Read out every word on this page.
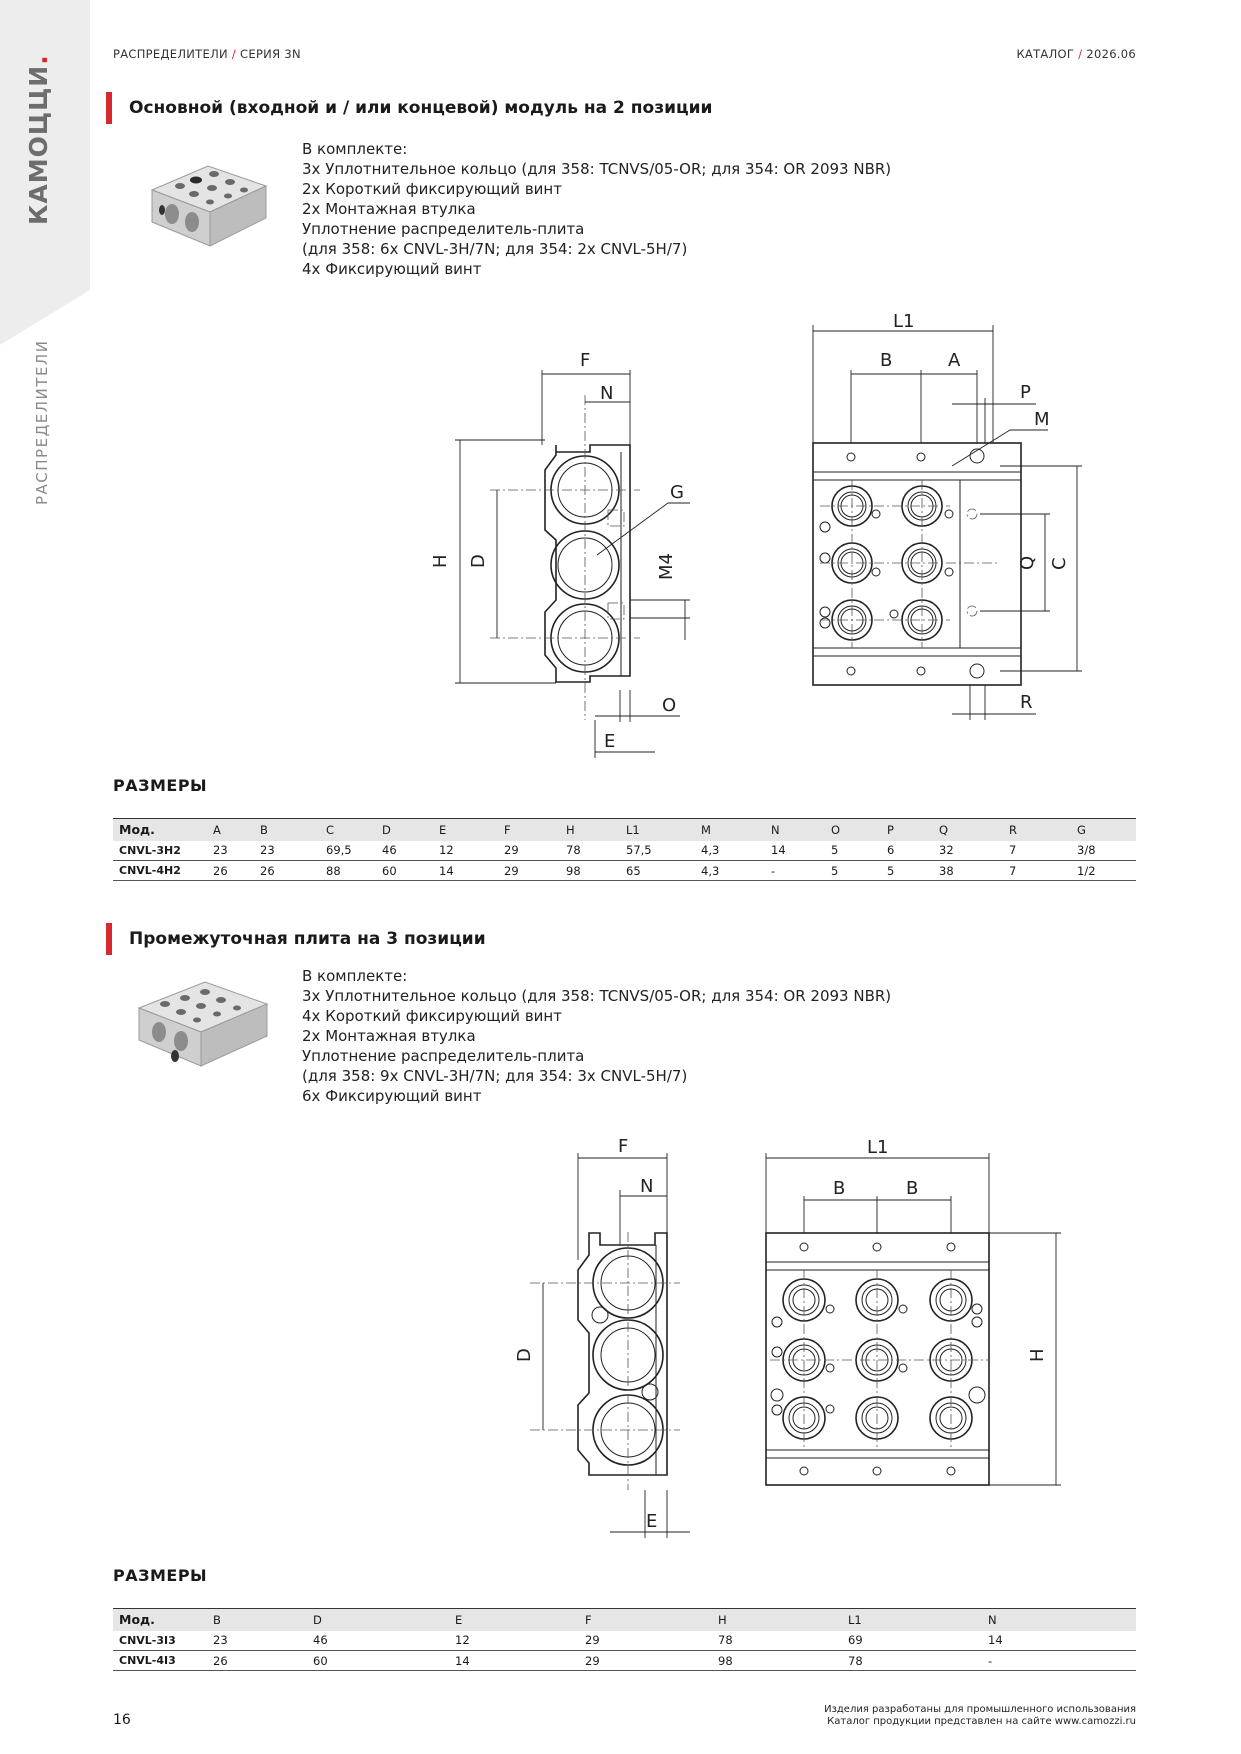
КАМОЦЦИ.
РАСПРЕДЕЛИТЕЛИ
РАСПРЕДЕЛИТЕЛИ / СЕРИЯ 3N	КАТАЛОГ / 2026.06
Основной (входной и / или концевой) модуль на 2 позиции
В комплекте:
3x Уплотнительное кольцо (для 358: TCNVS/05-OR; для 354: OR 2093 NBR)
2x Короткий фиксирующий винт
2x Монтажная втулка
Уплотнение распределитель-плита
(для 358: 6x CNVL-3H/7N; для 354: 2x CNVL-5H/7)
4x Фиксирующий винт
F
N
H D
G
M4
O
E
L1
B	A
P
M
Q C
R
РАЗМЕРЫ
Мод.	A	B	C	D	E	F	H	L1	M	N	O	P	Q	R	G
CNVL-3H2	23	23	69,5	46	12	29	78	57,5	4,3	14	5	6	32	7	3/8
CNVL-4H2	26	26	88	60	14	29	98	65	4,3	-	5	5	38	7	1/2
Промежуточная плита на 3 позиции
В комплекте:
3x Уплотнительное кольцо (для 358: TCNVS/05-OR; для 354: OR 2093 NBR)
4x Короткий фиксирующий винт
2x Монтажная втулка
Уплотнение распределитель-плита
(для 358: 9x CNVL-3H/7N; для 354: 3x CNVL-5H/7)
6x Фиксирующий винт
F
N
D
E
L1
B	B
H
РАЗМЕРЫ
Мод.	B	D	E	F	H	L1	N
CNVL-3I3	23	46	12	29	78	69	14
CNVL-4I3	26	60	14	29	98	78	-
16
Изделия разработаны для промышленного использования
Каталог продукции представлен на сайте www.camozzi.ru
